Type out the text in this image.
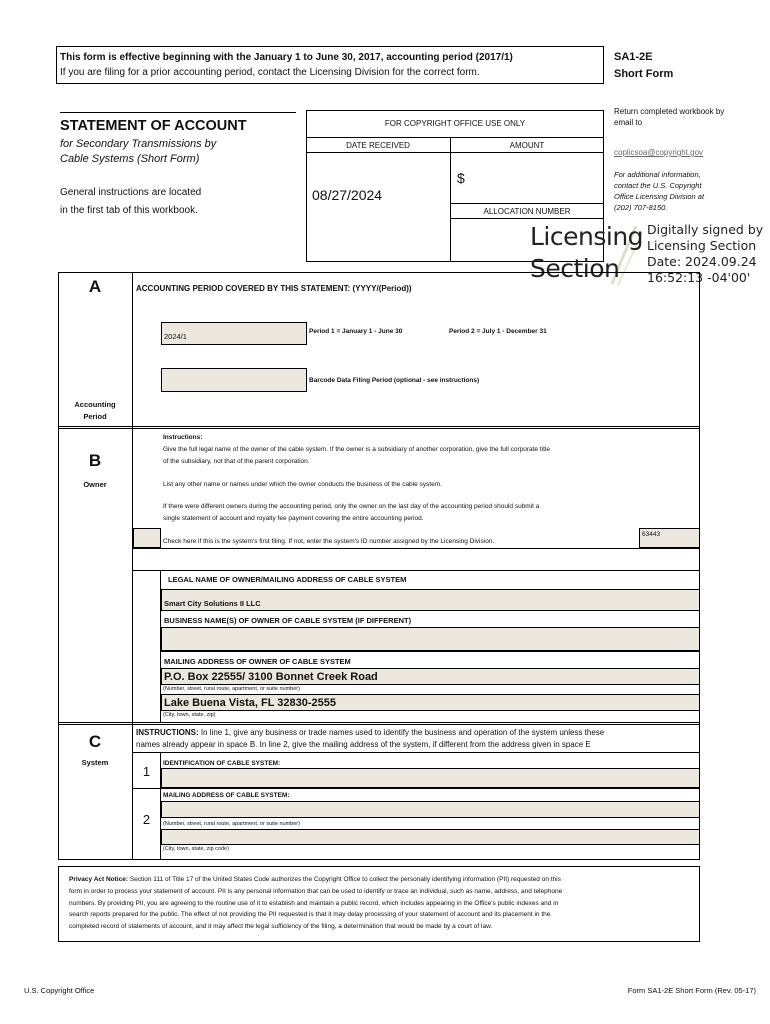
This form is effective beginning with the January 1 to June 30, 2017, accounting period (2017/1)
If you are filing for a prior accounting period, contact the Licensing Division for the correct form.
SA1-2E
Short Form
STATEMENT OF ACCOUNT
for Secondary Transmissions by
Cable Systems (Short Form)
General instructions are located
in the first tab of this workbook.
FOR COPYRIGHT OFFICE USE ONLY
DATE RECEIVED	AMOUNT
08/27/2024
$
ALLOCATION NUMBER
Return completed workbook by
email to
coplicsoa@copyright.gov
For additional information,
contact the U.S. Copyright
Office Licensing Division at
(202) 707-8150.
Licensing
Section
Digitally signed by
Licensing Section
Date: 2024.09.24
16:52:13 -04'00'
A	ACCOUNTING PERIOD COVERED BY THIS STATEMENT: (YYYY/(Period))
2024/1
Period 1 = January 1 - June 30	Period 2 = July 1 - December 31
Barcode Data Filing Period (optional - see instructions)
Accounting
Period
B
Owner
Instructions:
Give the full legal name of the owner of the cable system. If the owner is a subsidiary of another corporation, give the full corporate title
of the subsidiary, not that of the parent corporation.
List any other name or names under which the owner conducts the business of the cable system.
If there were different owners during the accounting period, only the owner on the last day of the accounting period should submit a
single statement of account and royalty fee payment covering the entire accounting period.
Check here if this is the system's first filing. If not, enter the system's ID number assigned by the Licensing Division.
63443
LEGAL NAME OF OWNER/MAILING ADDRESS OF CABLE SYSTEM
Smart City Solutions II LLC
BUSINESS NAME(S) OF OWNER OF CABLE SYSTEM (IF DIFFERENT)
MAILING ADDRESS OF OWNER OF CABLE SYSTEM
P.O. Box 22555/ 3100 Bonnet Creek Road
(Number, street, rural route, apartment, or suite number)
Lake Buena Vista, FL 32830-2555
(City, town, state, zip)
C
System
INSTRUCTIONS: In line 1, give any business or trade names used to identify the business and operation of the system unless these
names already appear in space B. In line 2, give the mailing address of the system, if different from the address given in space E
1
IDENTIFICATION OF CABLE SYSTEM:
MAILING ADDRESS OF CABLE SYSTEM:
2	(Number, street, rural route, apartment, or suite number)
(City, town, state, zip code)
Privacy Act Notice: Section 111 of Title 17 of the United States Code authorizes the Copyright Office to collect the personally identifying information (PII) requested on this
form in order to process your statement of account. PII is any personal information that can be used to identify or trace an individual, such as name, address, and telephone
numbers. By providing PII, you are agreeing to the routine use of it to establish and maintain a public record, which includes appearing in the Office's public indexes and in
search reports prepared for the public. The effect of not providing the PII requested is that it may delay processing of your statement of account and its placement in the
completed record of statements of account, and it may affect the legal sufficiency of the filing, a determination that would be made by a court of law.
U.S. Copyright Office	Form SA1-2E Short Form (Rev. 05-17)
